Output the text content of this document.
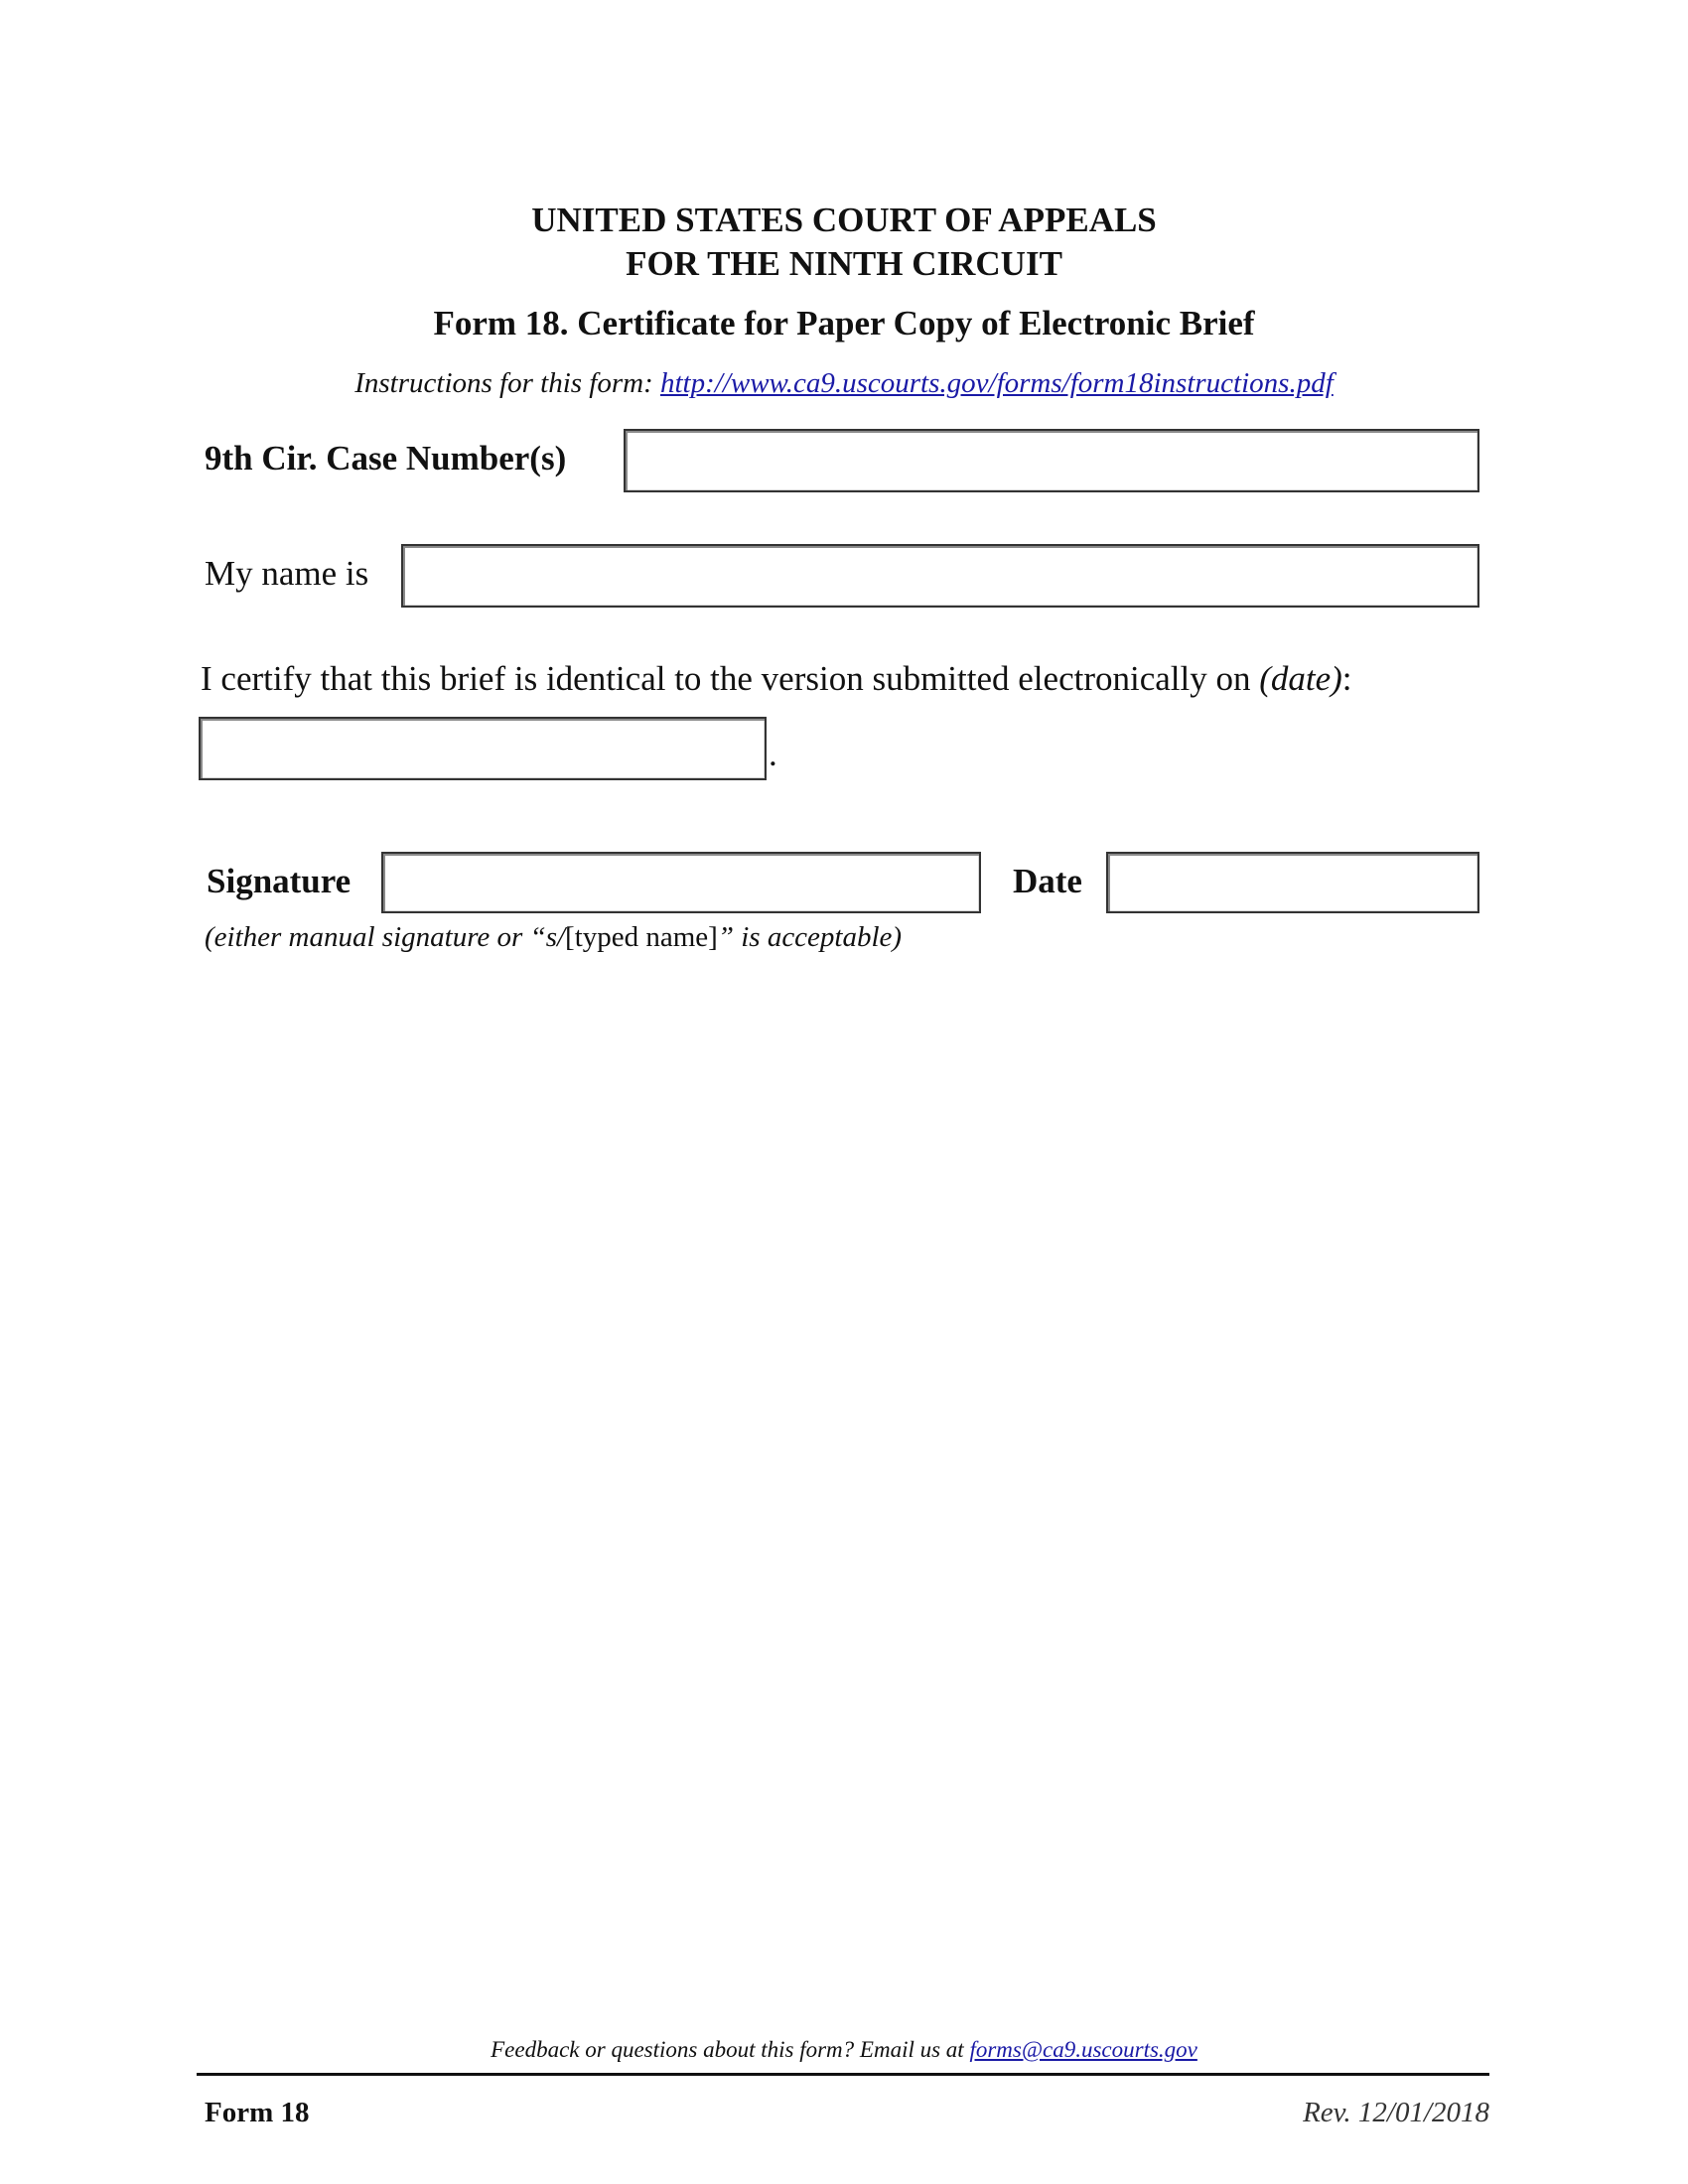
UNITED STATES COURT OF APPEALS
FOR THE NINTH CIRCUIT
Form 18. Certificate for Paper Copy of Electronic Brief
Instructions for this form: http://www.ca9.uscourts.gov/forms/form18instructions.pdf
9th Cir. Case Number(s)
My name is
I certify that this brief is identical to the version submitted electronically on (date):
.
Signature	Date
(either manual signature or “s/[typed name]” is acceptable)
Feedback or questions about this form? Email us at forms@ca9.uscourts.gov
Form 18	Rev. 12/01/2018
